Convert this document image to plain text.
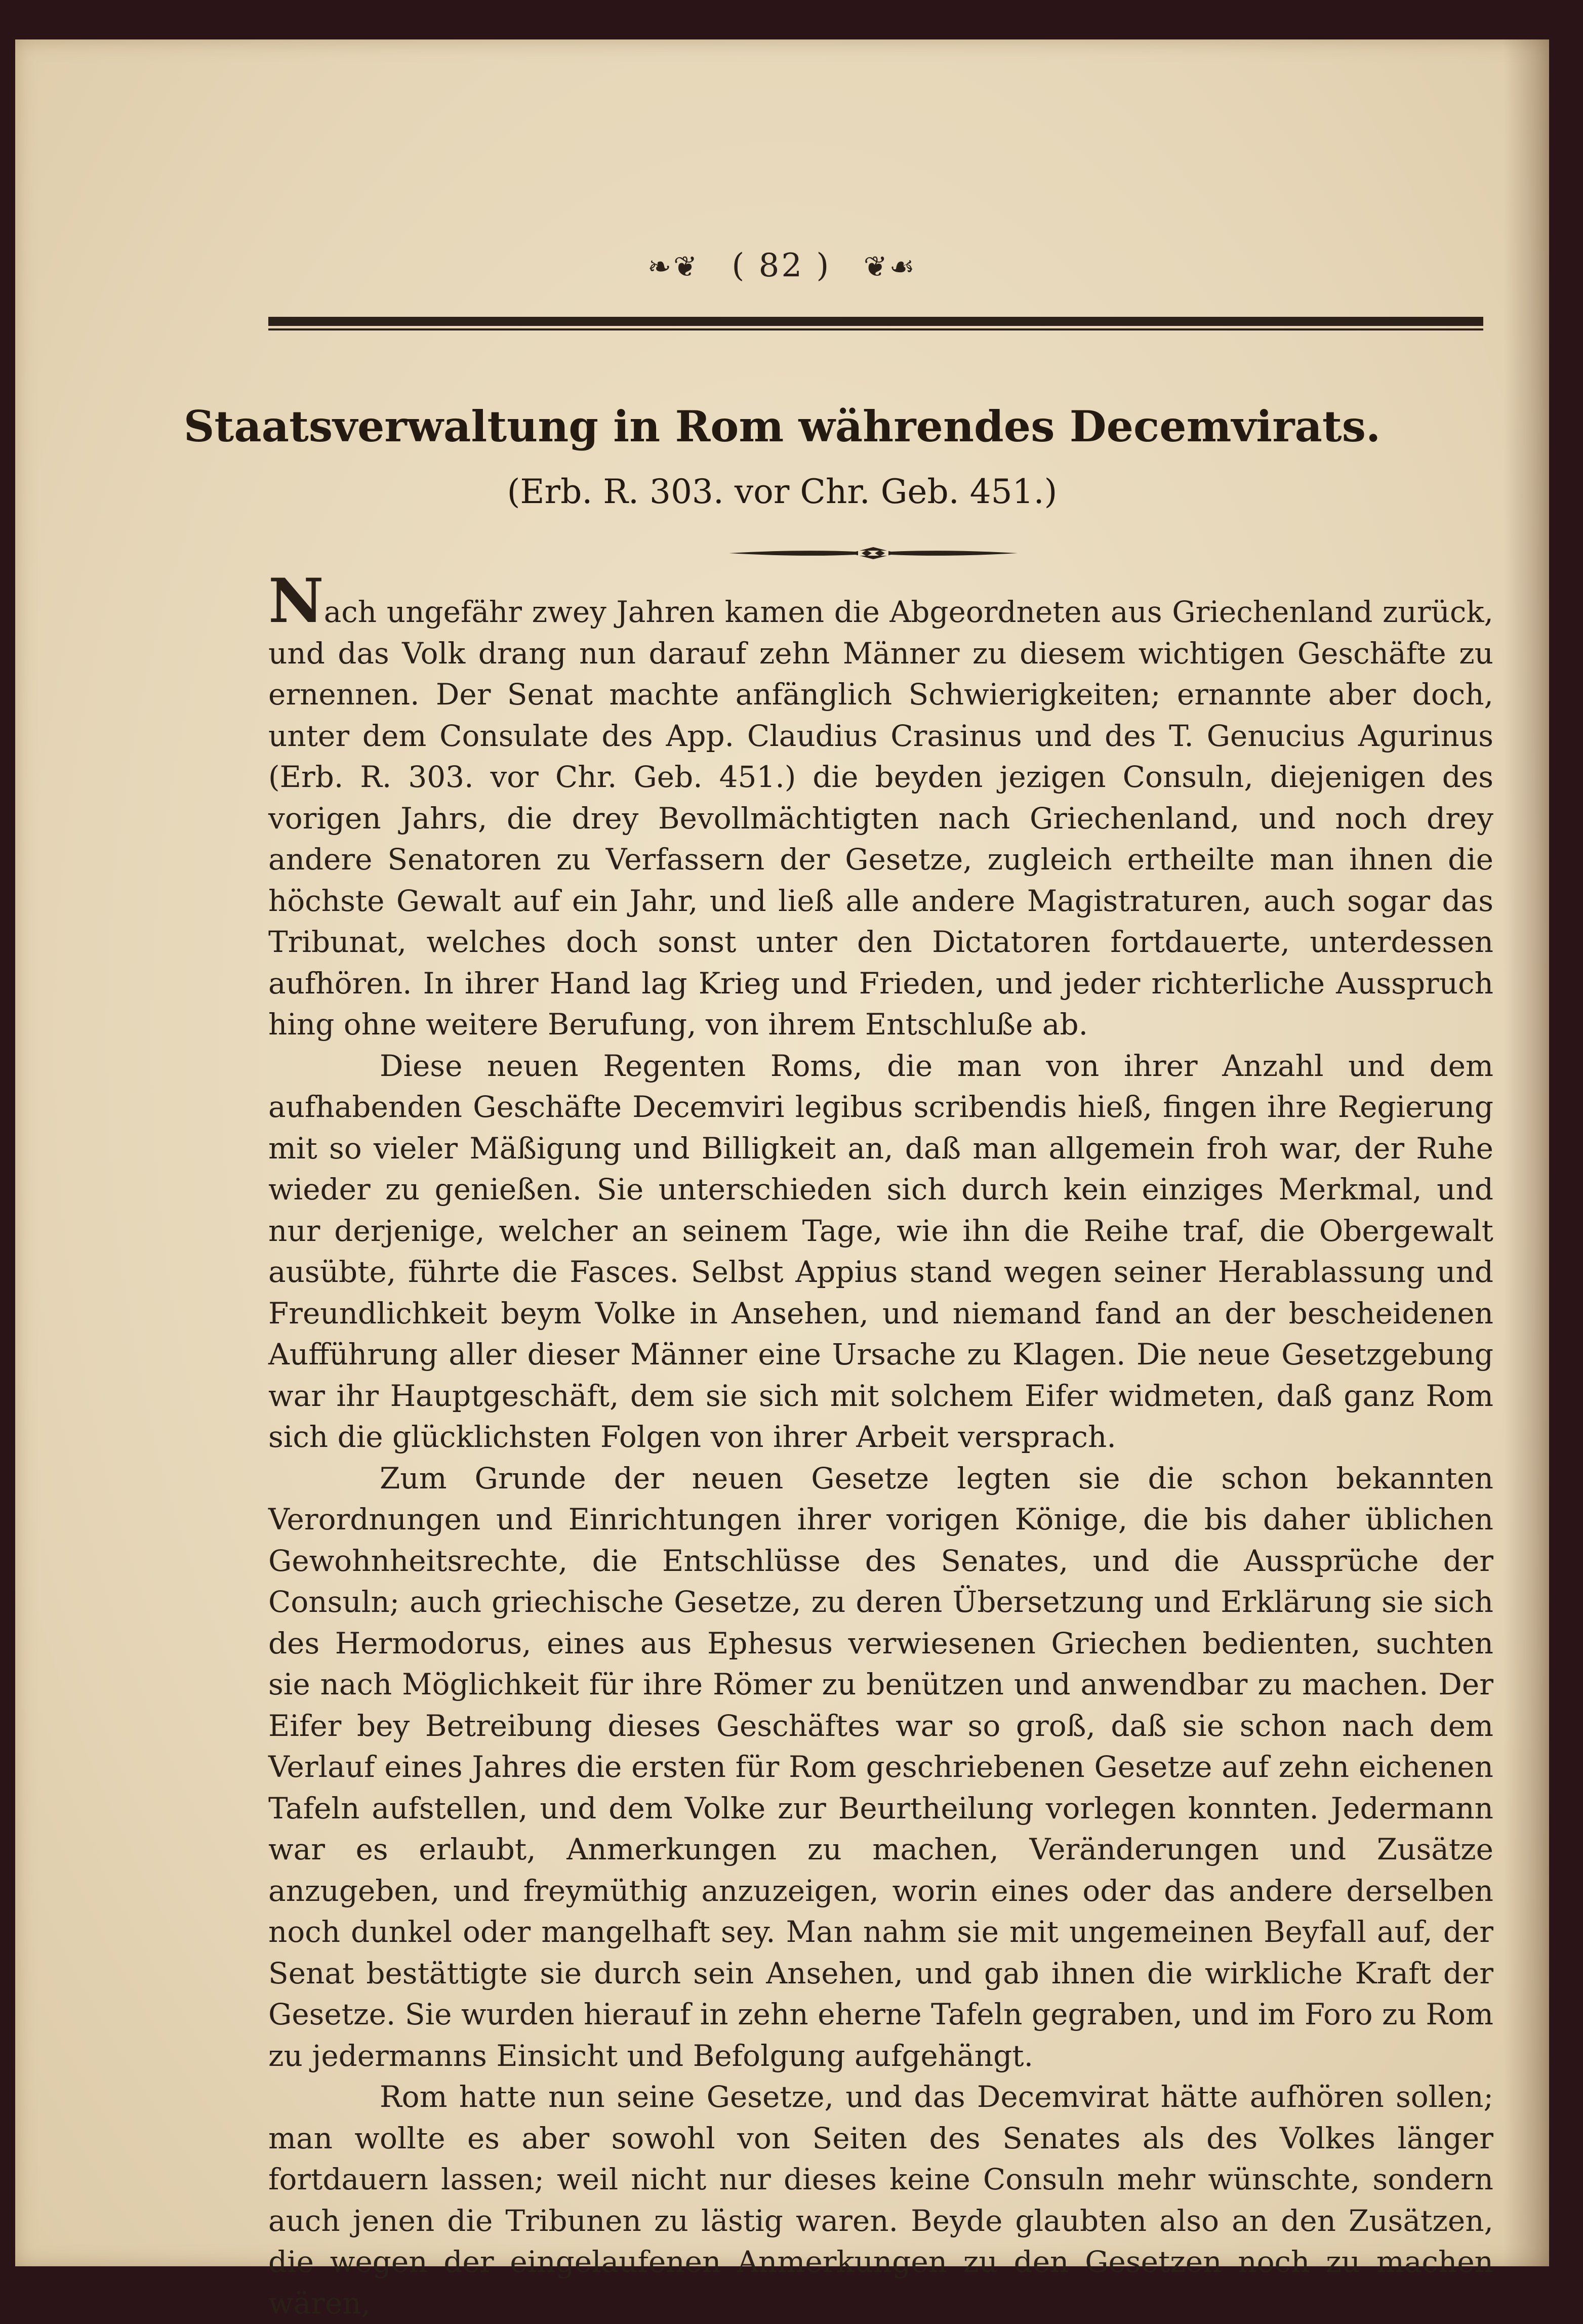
❧❦ ( 82 ) ❦☙
Staatsverwaltung in Rom währendes Decemvirats.
(Erb. R. 303. vor Chr. Geb. 451.)

Nach ungefähr zwey Jahren kamen die Abgeordneten aus Griechenland zurück, und das Volk drang nun darauf zehn Männer zu diesem wichtigen Geschäfte zu ernennen. Der Senat machte anfänglich Schwierigkeiten; ernannte aber doch, unter dem Consulate des App. Claudius Crasinus und des T. Genucius Agurinus (Erb. R. 303. vor Chr. Geb. 451.) die beyden jezigen Consuln, diejenigen des vorigen Jahrs, die drey Bevollmächtigten nach Griechenland, und noch drey andere Senatoren zu Verfassern der Gesetze, zugleich ertheilte man ihnen die höchste Gewalt auf ein Jahr, und ließ alle andere Magistraturen, auch sogar das Tribunat, welches doch sonst unter den Dictatoren fortdauerte, unterdessen aufhören. In ihrer Hand lag Krieg und Frieden, und jeder richterliche Ausspruch hing ohne weitere Berufung, von ihrem Entschluße ab.

Diese neuen Regenten Roms, die man von ihrer Anzahl und dem aufhabenden Geschäfte Decemviri legibus scribendis hieß, fingen ihre Regierung mit so vieler Mäßigung und Billigkeit an, daß man allgemein froh war, der Ruhe wieder zu genießen. Sie unterschieden sich durch kein einziges Merkmal, und nur derjenige, welcher an seinem Tage, wie ihn die Reihe traf, die Obergewalt ausübte, führte die Fasces. Selbst Appius stand wegen seiner Herablassung und Freundlichkeit beym Volke in Ansehen, und niemand fand an der bescheidenen Aufführung aller dieser Männer eine Ursache zu Klagen. Die neue Gesetzgebung war ihr Hauptgeschäft, dem sie sich mit solchem Eifer widmeten, daß ganz Rom sich die glücklichsten Folgen von ihrer Arbeit versprach.

Zum Grunde der neuen Gesetze legten sie die schon bekannten Verordnungen und Einrichtungen ihrer vorigen Könige, die bis daher üblichen Gewohnheitsrechte, die Entschlüsse des Senates, und die Aussprüche der Consuln; auch griechische Gesetze, zu deren Übersetzung und Erklärung sie sich des Hermodorus, eines aus Ephesus verwiesenen Griechen bedienten, suchten sie nach Möglichkeit für ihre Römer zu benützen und anwendbar zu machen. Der Eifer bey Betreibung dieses Geschäftes war so groß, daß sie schon nach dem Verlauf eines Jahres die ersten für Rom geschriebenen Gesetze auf zehn eichenen Tafeln aufstellen, und dem Volke zur Beurtheilung vorlegen konnten. Jedermann war es erlaubt, Anmerkungen zu machen, Veränderungen und Zusätze anzugeben, und freymüthig anzuzeigen, worin eines oder das andere derselben noch dunkel oder mangelhaft sey. Man nahm sie mit ungemeinen Beyfall auf, der Senat bestättigte sie durch sein Ansehen, und gab ihnen die wirkliche Kraft der Gesetze. Sie wurden hierauf in zehn eherne Tafeln gegraben, und im Foro zu Rom zu jedermanns Einsicht und Befolgung aufgehängt.

Rom hatte nun seine Gesetze, und das Decemvirat hätte aufhören sollen; man wollte es aber sowohl von Seiten des Senates als des Volkes länger fortdauern lassen; weil nicht nur dieses keine Consuln mehr wünschte, sondern auch jenen die Tribunen zu lästig waren. Beyde glaubten also an den Zusätzen, die wegen der eingelaufenen Anmerkungen zu den Gesetzen noch zu machen wären,
